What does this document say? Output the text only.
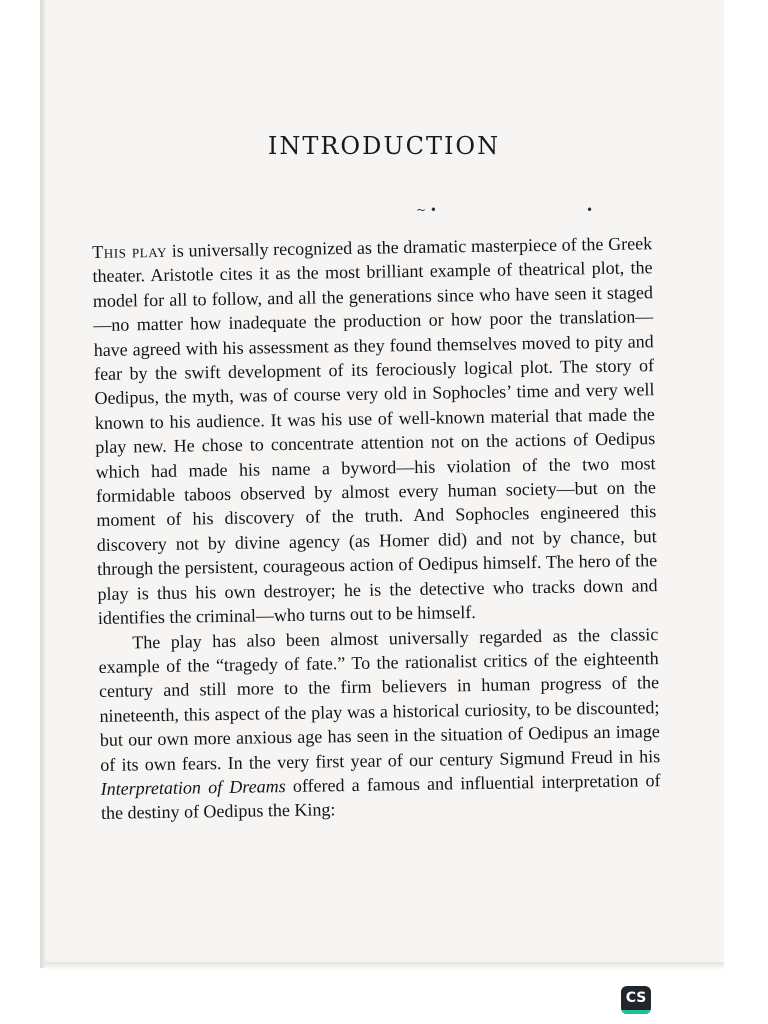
INTRODUCTION
~ •	•

This play is universally recognized as the dramatic masterpiece of the Greek theater. Aristotle cites it as the most brilliant example of theatrical plot, the model for all to follow, and all the generations since who have seen it staged—no matter how inadequate the production or how poor the translation—have agreed with his assessment as they found themselves moved to pity and fear by the swift development of its ferociously logical plot. The story of Oedipus, the myth, was of course very old in Sophocles’ time and very well known to his audience. It was his use of well-known material that made the play new. He chose to concentrate attention not on the actions of Oedipus which had made his name a byword—his violation of the two most formidable taboos observed by almost every human society—but on the moment of his discovery of the truth. And Sophocles engineered this discovery not by divine agency (as Homer did) and not by chance, but through the persistent, courageous action of Oedipus himself. The hero of the play is thus his own destroyer; he is the detective who tracks down and identifies the criminal—who turns out to be himself.

The play has also been almost universally regarded as the classic example of the “tragedy of fate.” To the rationalist critics of the eighteenth century and still more to the firm believers in human progress of the nineteenth, this aspect of the play was a historical curiosity, to be discounted; but our own more anxious age has seen in the situation of Oedipus an image of its own fears. In the very first year of our century Sigmund Freud in his Interpretation of Dreams offered a famous and influential interpretation of the destiny of Oedipus the King:

CS
